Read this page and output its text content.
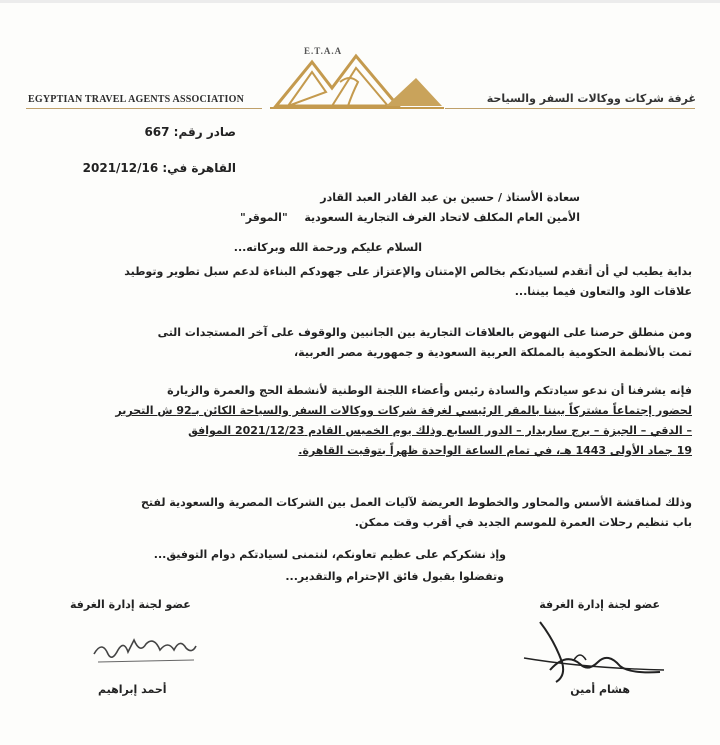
E.T.A.A
EGYPTIAN TRAVEL AGENTS ASSOCIATION	غرفة شركات ووكالات السفر والسياحة
صادر رقم: 667
القاهرة في: 2021/12/16
سعادة الأستاذ / حسين بن عبد القادر العبد القادر
الأمين العام المكلف لاتحاد الغرف التجارية السعودية
"الموقر"
السلام عليكم ورحمة الله وبركاته...
بداية يطيب لي أن أتقدم لسيادتكم بخالص الإمتنان والإعتزاز على جهودكم البناءة لدعم سبل تطوير وتوطيد
علاقات الود والتعاون فيما بيننا...
ومن منطلق حرصنا على النهوض بالعلاقات التجارية بين الجانبين والوقوف على آخر المستجدات التى
تمت بالأنظمة الحكومية بالمملكة العربية السعودية و جمهورية مصر العربية،
فإنه يشرفنا أن ندعو سيادتكم والسادة رئيس وأعضاء اللجنة الوطنية لأنشطة الحج والعمرة والزيارة
لحضور إجتماعاً مشتركاً بيننا بالمقر الرئيسي لغرفة شركات ووكالات السفر والسياحة الكائن بـ92 ش التحرير
– الدقي – الجيزة – برج ساريدار – الدور السابع وذلك يوم الخميس القادم 2021/12/23 الموافق
19 جماد الأولى 1443 هـ، في تمام الساعة الواحدة ظهراً بتوقيت القاهرة.
وذلك لمناقشة الأسس والمحاور والخطوط العريضة لآليات العمل بين الشركات المصرية والسعودية لفتح
باب تنظيم رحلات العمرة للموسم الجديد في أقرب وقت ممكن.
وإذ نشكركم على عظيم تعاونكم، لنتمنى لسيادتكم دوام التوفيق...
وتفضلوا بقبول فائق الإحترام والتقدير...
عضو لجنة إدارة الغرفة
عضو لجنة إدارة الغرفة
هشام أمين
أحمد إبراهيم
